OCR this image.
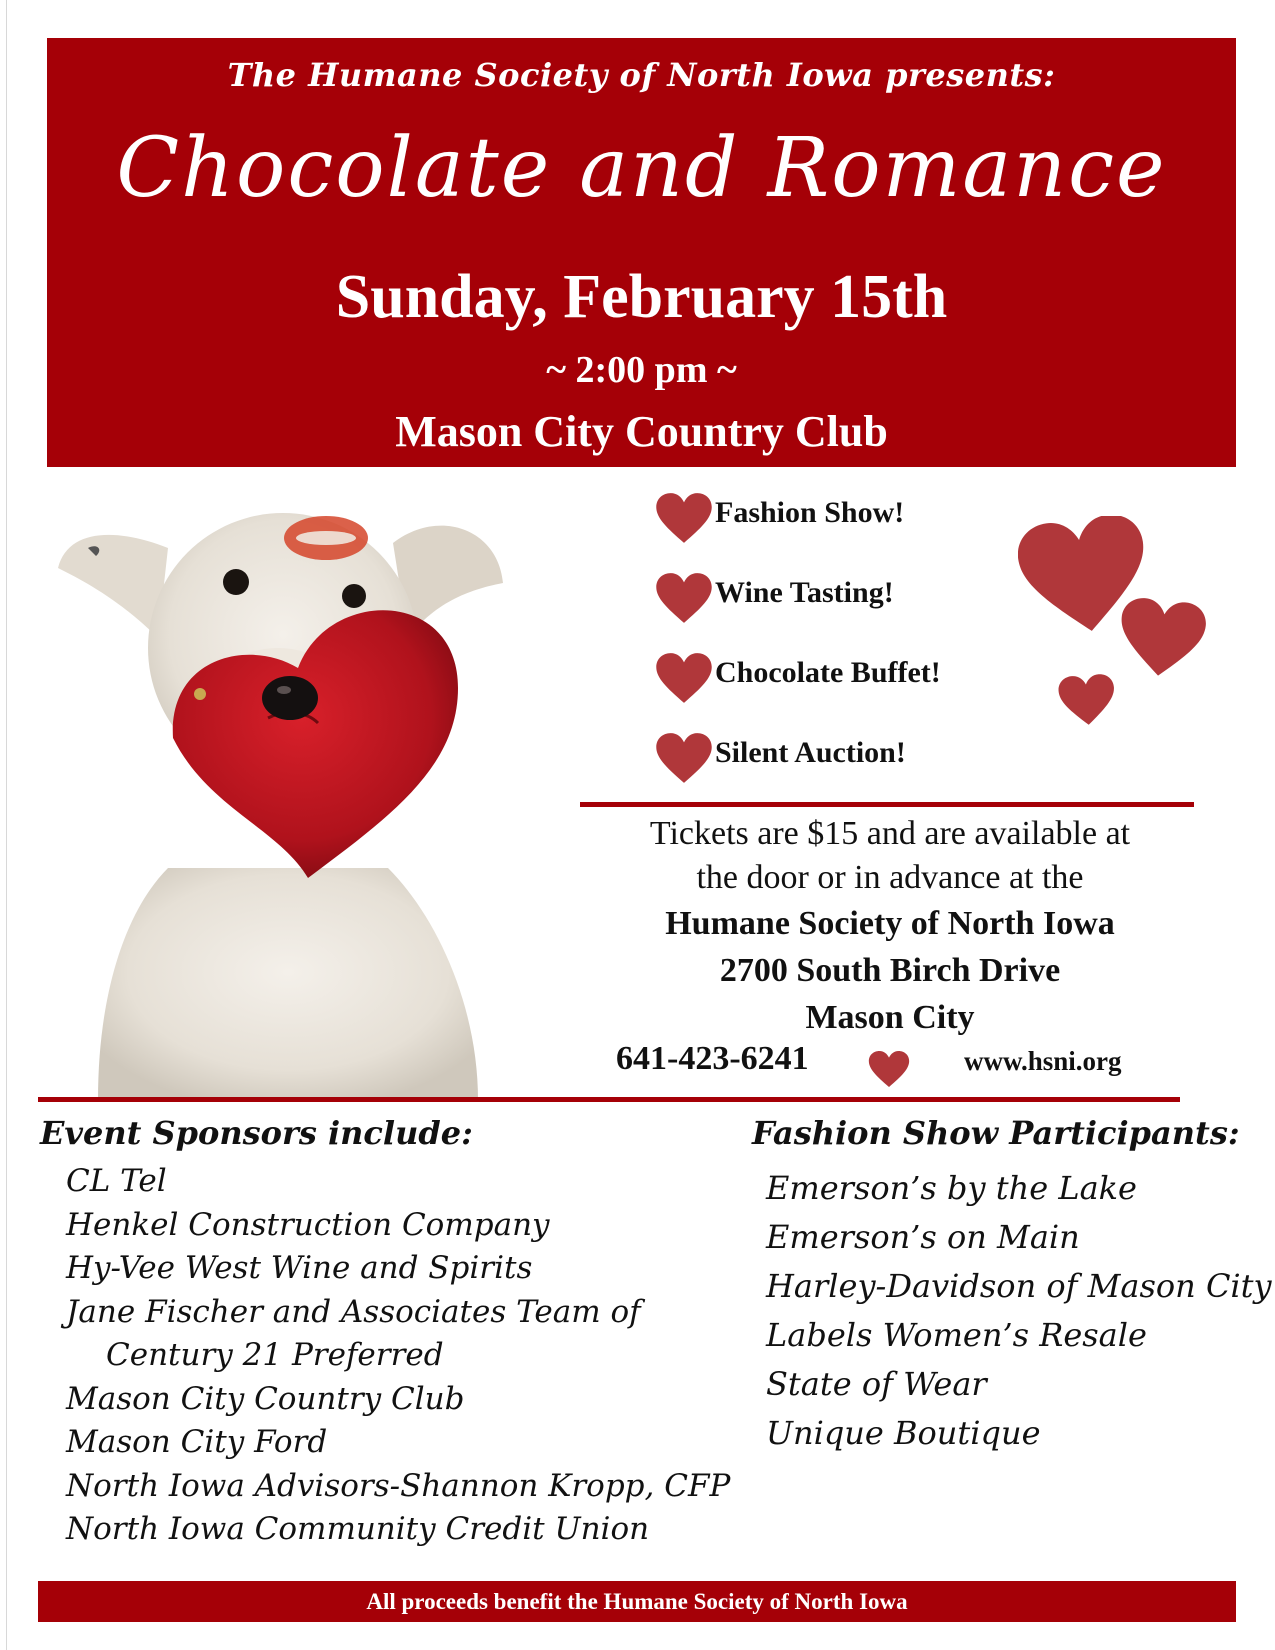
The Humane Society of North Iowa presents:
Chocolate and Romance
Sunday, February 15th
~ 2:00 pm ~
Mason City Country Club
Fashion Show!
Wine Tasting!
Chocolate Buffet!
Silent Auction!
Tickets are $15 and are available at
the door or in advance at the
Humane Society of North Iowa
2700 South Birch Drive
Mason City
641-423-6241	www.hsni.org
Event Sponsors include:
CL Tel
Henkel Construction Company
Hy-Vee West Wine and Spirits
Jane Fischer and Associates Team of
Century 21 Preferred
Mason City Country Club
Mason City Ford
North Iowa Advisors-Shannon Kropp, CFP
North Iowa Community Credit Union
Fashion Show Participants:
Emerson’s by the Lake
Emerson’s on Main
Harley-Davidson of Mason City
Labels Women’s Resale
State of Wear
Unique Boutique
All proceeds benefit the Humane Society of North Iowa
